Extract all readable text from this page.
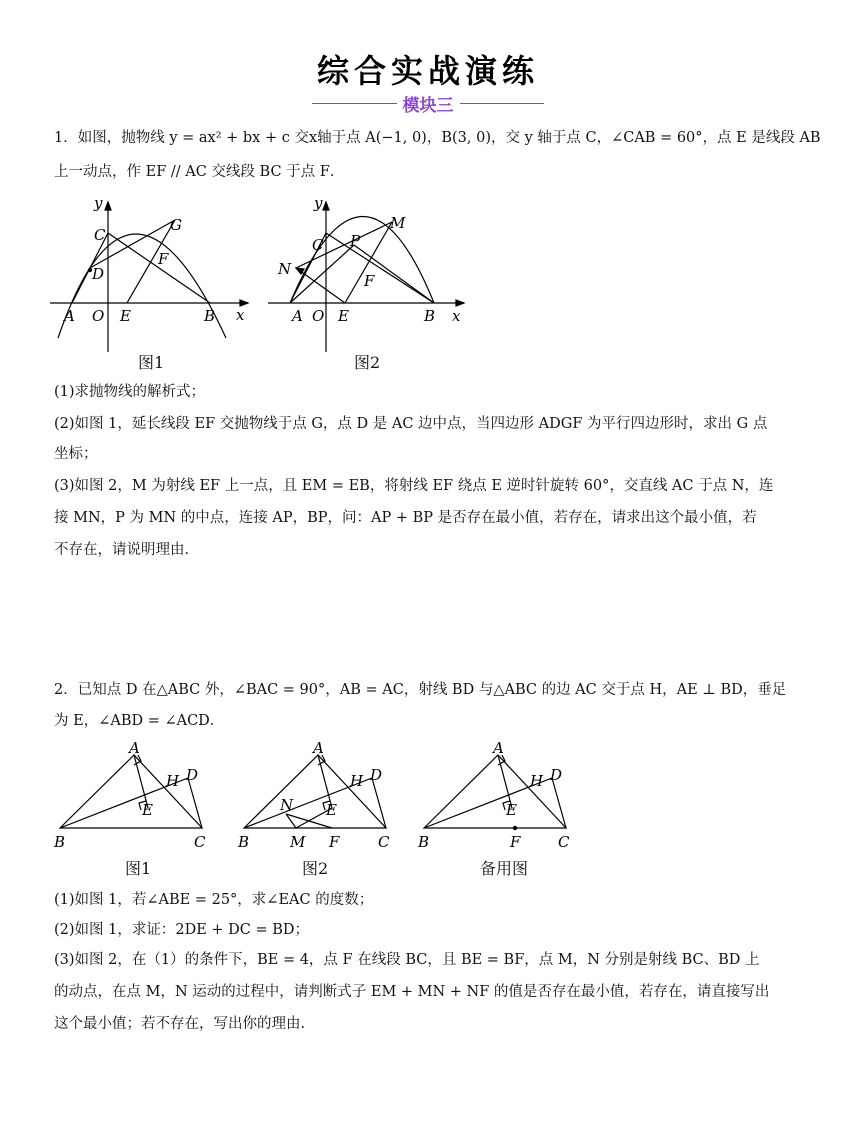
综合实战演练
模块三
1．如图，抛物线 y = ax² + bx + c 交x轴于点 A(−1, 0)，B(3, 0)，交 y 轴于点 C，∠CAB = 60°，点 E 是线段 AB
上一动点，作 EF // AC 交线段 BC 于点 F．
y
x
C
G
D
F
A O E	B
图1
y
x
C P
M
N
F
A O E	B
图2
(1)求抛物线的解析式；
(2)如图 1，延长线段 EF 交抛物线于点 G，点 D 是 AC 边中点，当四边形 ADGF 为平行四边形时，求出 G 点
坐标；
(3)如图 2，M 为射线 EF 上一点，且 EM = EB，将射线 EF 绕点 E 逆时针旋转 60°，交直线 AC 于点 N，连
接 MN，P 为 MN 的中点，连接 AP，BP，问：AP + BP 是否存在最小值，若存在，请求出这个最小值，若
不存在，请说明理由．
2．已知点 D 在△ABC 外，∠BAC = 90°，AB = AC，射线 BD 与△ABC 的边 AC 交于点 H，AE ⊥ BD，垂足
为 E，∠ABD = ∠ACD．
A
H D
E
B	C
图1
A
H D
N E
B	M F	C
图2
A
H D
E
B	F	C
备用图
(1)如图 1，若∠ABE = 25°，求∠EAC 的度数；
(2)如图 1，求证：2DE + DC = BD；
(3)如图 2，在（1）的条件下，BE = 4，点 F 在线段 BC，且 BE = BF，点 M，N 分别是射线 BC、BD 上
的动点，在点 M，N 运动的过程中，请判断式子 EM + MN + NF 的值是否存在最小值，若存在，请直接写出
这个最小值；若不存在，写出你的理由.
